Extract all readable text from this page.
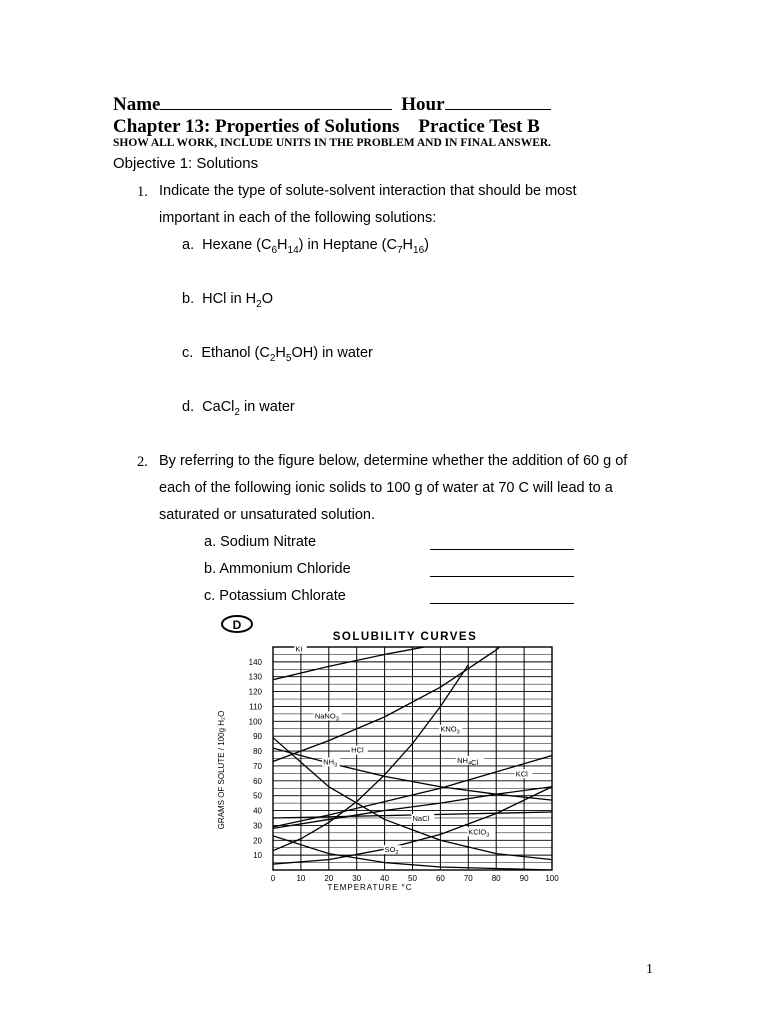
Name	Hour
Chapter 13: Properties of Solutions Practice Test B
SHOW ALL WORK, INCLUDE UNITS IN THE PROBLEM AND IN FINAL ANSWER.
Objective 1: Solutions
1. Indicate the type of solute-solvent interaction that should be most
important in each of the following solutions:
a. Hexane $(C_6H_{14})$ in Heptane $(C_7H_{16})$
b. HCl in $H_2O$
c. Ethanol $(C_2H_5OH)$ in water
d. CaCl$_2$ in water
2. By referring to the figure below, determine whether the addition of 60 g of
each of the following ionic solids to 100 g of water at 70 C will lead to a
saturated or unsaturated solution.
a. Sodium Nitrate
b. Ammonium Chloride
c. Potassium Chlorate
0	10 20 30 40 50 60 70 80 90 100
10
20
30
40
50
60
70
80
90
100
110
120
130
140
KI
NaNO$_3$
$KNO_3$
$NH_3$
HCl
$NH_4Cl$
KCl
NaCl
KClO$_3$
$SO_2$
D
SOLUBILITY CURVES
TEMPERATURE °C
GRAMS OF SOLUTE / 100g H₂O
1
